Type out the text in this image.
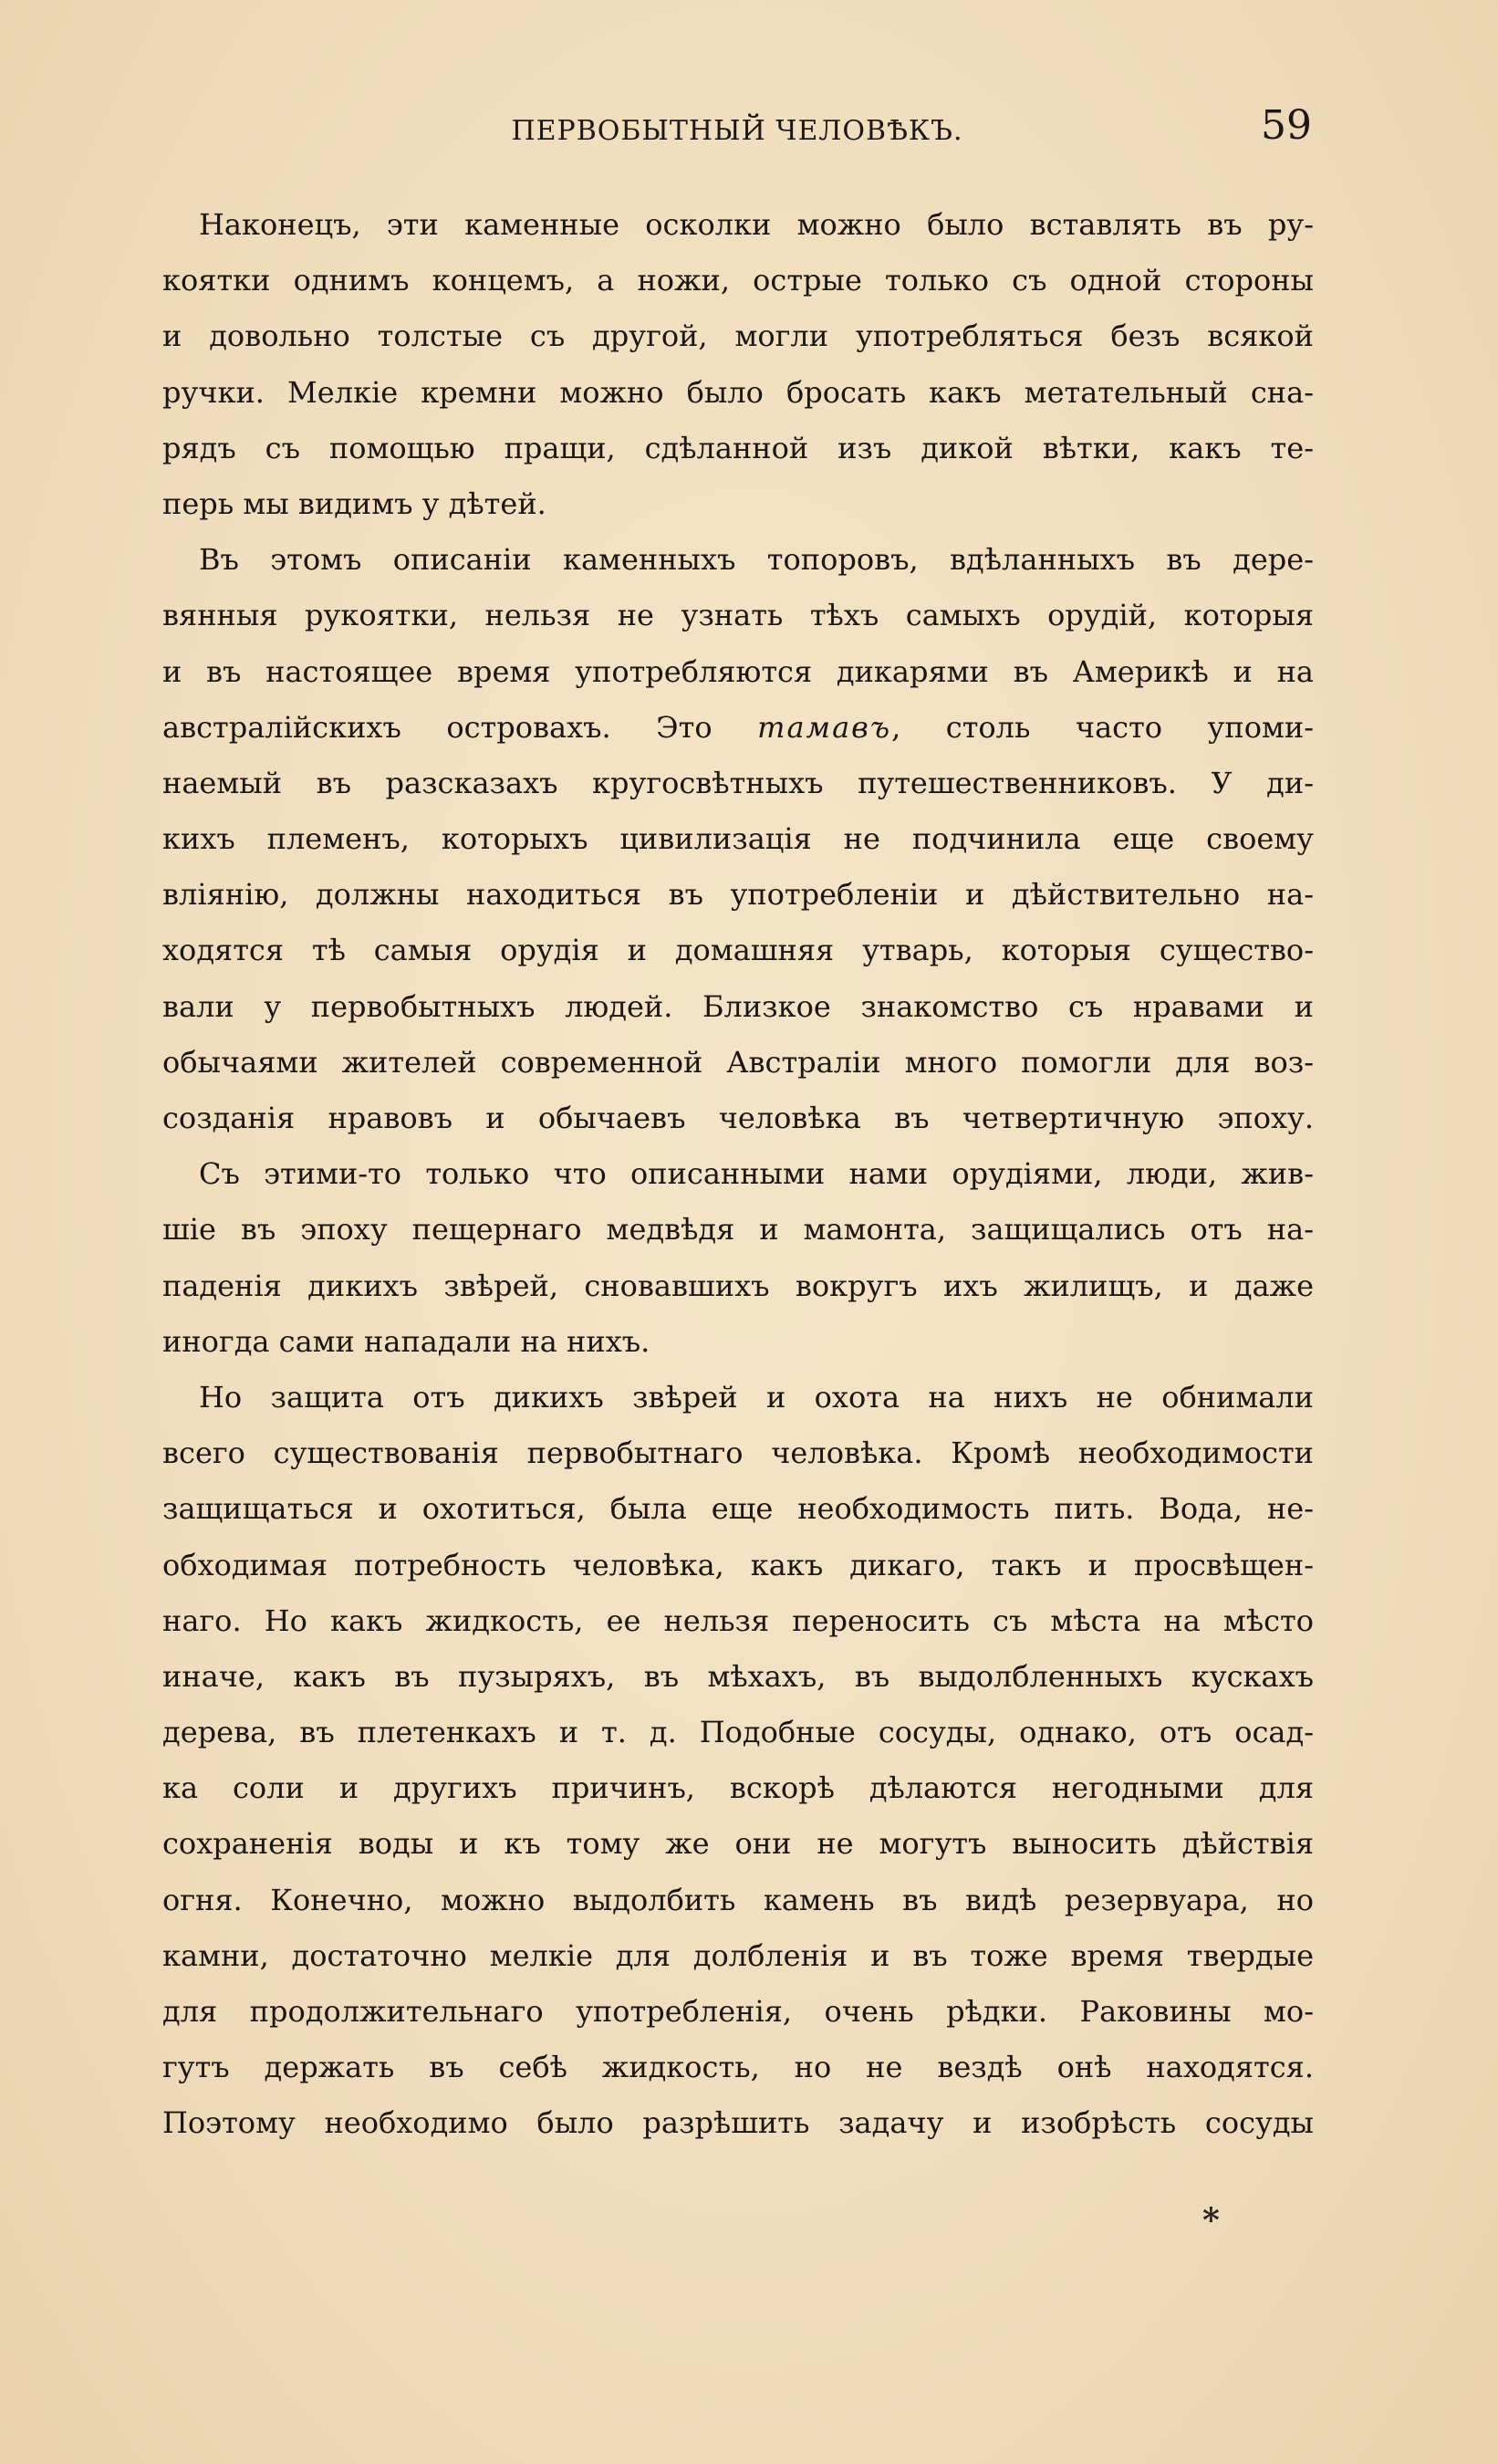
ПЕРВОБЫТНЫЙ ЧЕЛОВѢКЪ.	59
Наконецъ, эти каменные осколки можно было вставлять въ ру-
коятки однимъ концемъ, а ножи, острые только съ одной стороны
и довольно толстые съ другой, могли употребляться безъ всякой
ручки. Мелкіе кремни можно было бросать какъ метательный сна-
рядъ съ помощью пращи, сдѣланной изъ дикой вѣтки, какъ те-
перь мы видимъ у дѣтей.
Въ этомъ описаніи каменныхъ топоровъ, вдѣланныхъ въ дере-
вянныя рукоятки, нельзя не узнать тѣхъ самыхъ орудій, которыя
и въ настоящее время употребляются дикарями въ Америкѣ и на
австралійскихъ островахъ. Это тамавъ, столь часто упоми-
наемый въ разсказахъ кругосвѣтныхъ путешественниковъ. У ди-
кихъ племенъ, которыхъ цивилизація не подчинила еще своему
вліянію, должны находиться въ употребленіи и дѣйствительно на-
ходятся тѣ самыя орудія и домашняя утварь, которыя существо-
вали у первобытныхъ людей. Близкое знакомство съ нравами и
обычаями жителей современной Австраліи много помогли для воз-
созданія нравовъ и обычаевъ человѣка въ четвертичную эпоху.
Съ этими-то только что описанными нами орудіями, люди, жив-
шіе въ эпоху пещернаго медвѣдя и мамонта, защищались отъ на-
паденія дикихъ звѣрей, сновавшихъ вокругъ ихъ жилищъ, и даже
иногда сами нападали на нихъ.
Но защита отъ дикихъ звѣрей и охота на нихъ не обнимали
всего существованія первобытнаго человѣка. Кромѣ необходимости
защищаться и охотиться, была еще необходимость пить. Вода, не-
обходимая потребность человѣка, какъ дикаго, такъ и просвѣщен-
наго. Но какъ жидкость, ее нельзя переносить съ мѣста на мѣсто
иначе, какъ въ пузыряхъ, въ мѣхахъ, въ выдолбленныхъ кускахъ
дерева, въ плетенкахъ и т. д. Подобные сосуды, однако, отъ осад-
ка соли и другихъ причинъ, вскорѣ дѣлаются негодными для
сохраненія воды и къ тому же они не могутъ выносить дѣйствія
огня. Конечно, можно выдолбить камень въ видѣ резервуара, но
камни, достаточно мелкіе для долбленія и въ тоже время твердые
для продолжительнаго употребленія, очень рѣдки. Раковины мо-
гутъ держать въ себѣ жидкость, но не вездѣ онѣ находятся.
Поэтому необходимо было разрѣшить задачу и изобрѣсть сосуды
*
